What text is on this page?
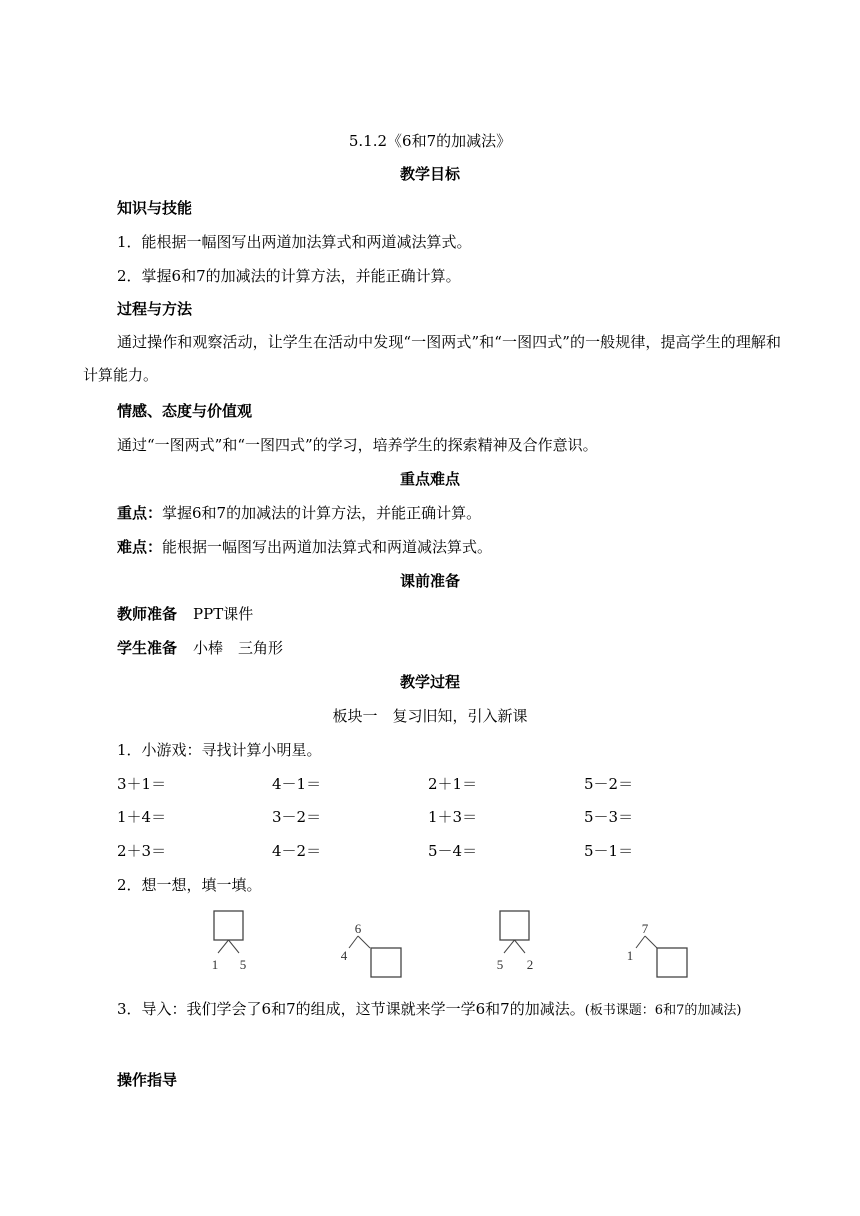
5.1.2《6和7的加减法》
教学目标
知识与技能
1．能根据一幅图写出两道加法算式和两道减法算式。
2．掌握6和7的加减法的计算方法，并能正确计算。
过程与方法
通过操作和观察活动，让学生在活动中发现“一图两式”和“一图四式”的一般规律，提高学生的理解和计算能力。
情感、态度与价值观
通过“一图两式”和“一图四式”的学习，培养学生的探索精神及合作意识。
重点难点
重点：掌握6和7的加减法的计算方法，并能正确计算。
难点：能根据一幅图写出两道加法算式和两道减法算式。
课前准备
教师准备 PPT课件
学生准备 小棒　三角形
教学过程
板块一　复习旧知，引入新课
1．小游戏：寻找计算小明星。
3＋1＝	4－1＝	2＋1＝	5－2＝
1＋4＝	3－2＝	1＋3＝	5－3＝
2＋3＝	4－2＝	5－4＝	5－1＝
2．想一想，填一填。
1 5
6
4
5 2
7
1
3．导入：我们学会了6和7的组成，这节课就来学一学6和7的加减法。(板书课题：6和7的加减法)
操作指导
